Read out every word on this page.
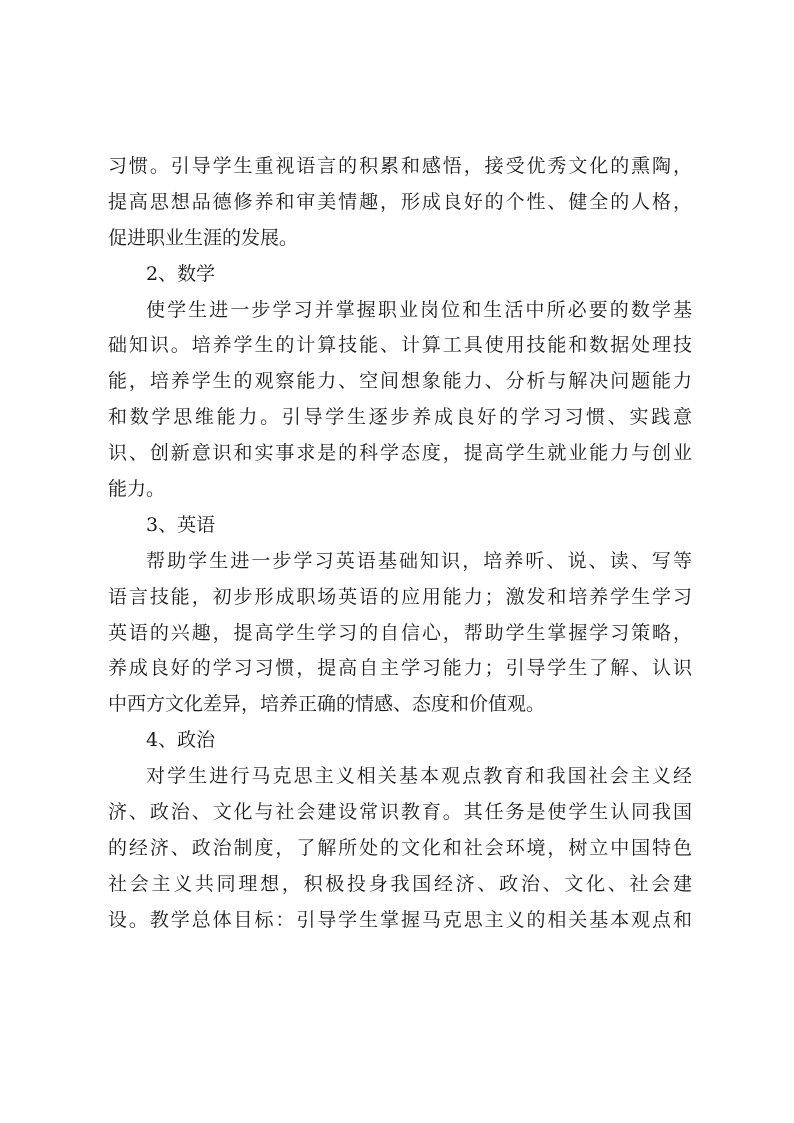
习惯。引导学生重视语言的积累和感悟，接受优秀文化的熏陶，
提高思想品德修养和审美情趣，形成良好的个性、健全的人格，
促进职业生涯的发展。
2、数学
使学生进一步学习并掌握职业岗位和生活中所必要的数学基
础知识。培养学生的计算技能、计算工具使用技能和数据处理技
能，培养学生的观察能力、空间想象能力、分析与解决问题能力
和数学思维能力。引导学生逐步养成良好的学习习惯、实践意
识、创新意识和实事求是的科学态度，提高学生就业能力与创业
能力。
3、英语
帮助学生进一步学习英语基础知识，培养听、说、读、写等
语言技能，初步形成职场英语的应用能力；激发和培养学生学习
英语的兴趣，提高学生学习的自信心，帮助学生掌握学习策略，
养成良好的学习习惯，提高自主学习能力；引导学生了解、认识
中西方文化差异，培养正确的情感、态度和价值观。
4、政治
对学生进行马克思主义相关基本观点教育和我国社会主义经
济、政治、文化与社会建设常识教育。其任务是使学生认同我国
的经济、政治制度，了解所处的文化和社会环境，树立中国特色
社会主义共同理想，积极投身我国经济、政治、文化、社会建
设。教学总体目标：引导学生掌握马克思主义的相关基本观点和
